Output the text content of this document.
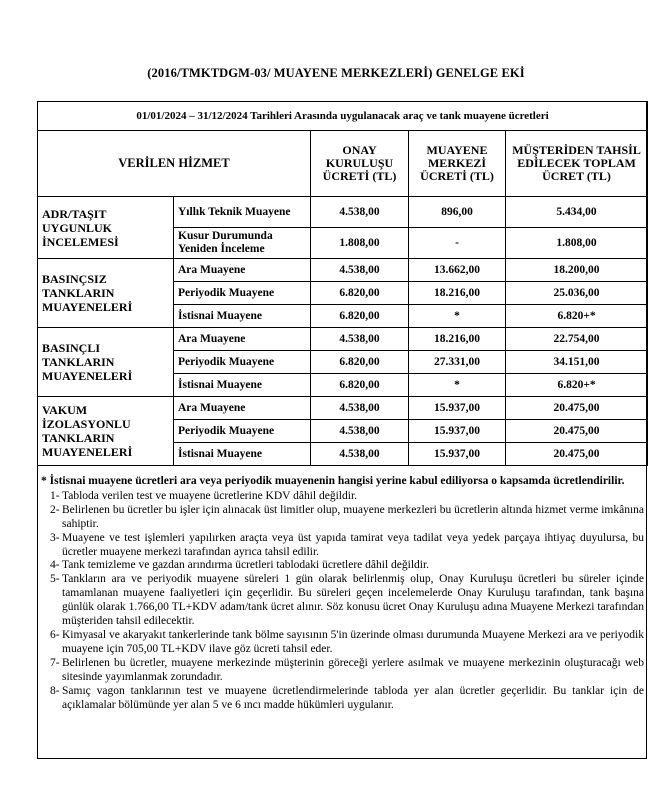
(2016/TMKTDGM-03/ MUAYENE MERKEZLERİ) GENELGE EKİ
01/01/2024 – 31/12/2024 Tarihleri Arasında uygulanacak araç ve tank muayene ücretleri				
VERİLEN HİZMET		ONAY KURULUŞU ÜCRETİ (TL)	MUAYENE MERKEZİ ÜCRETİ (TL)	MÜŞTERİDEN TAHSİL EDİLECEK TOPLAM ÜCRET (TL)
ADR/TAŞIT UYGUNLUK İNCELEMESİ	Yıllık Teknik Muayene	4.538,00	896,00	5.434,00
	Kusur Durumunda Yeniden İnceleme	1.808,00	-	1.808,00
BASINÇSIZ TANKLARIN MUAYENELERİ	Ara Muayene	4.538,00	13.662,00	18.200,00
	Periyodik Muayene	6.820,00	18.216,00	25.036,00
	İstisnai Muayene	6.820,00	*	6.820+*
BASINÇLI TANKLARIN MUAYENELERİ	Ara Muayene	4.538,00	18.216,00	22.754,00
	Periyodik Muayene	6.820,00	27.331,00	34.151,00
	İstisnai Muayene	6.820,00	*	6.820+*
VAKUM İZOLASYONLU TANKLARIN MUAYENELERİ	Ara Muayene	4.538,00	15.937,00	20.475,00
	Periyodik Muayene	4.538,00	15.937,00	20.475,00
	İstisnai Muayene	4.538,00	15.937,00	20.475,00
* İstisnai muayene ücretleri ara veya periyodik muayenenin hangisi yerine kabul ediliyorsa o kapsamda ücretlendirilir.
1- Tabloda verilen test ve muayene ücretlerine KDV dâhil değildir.
2- Belirlenen bu ücretler bu işler için alınacak üst limitler olup, muayene merkezleri bu ücretlerin altında hizmet verme imkânına sahiptir.
3- Muayene ve test işlemleri yapılırken araçta veya üst yapıda tamirat veya tadilat veya yedek parçaya ihtiyaç duyulursa, bu ücretler muayene merkezi tarafından ayrıca tahsil edilir.
4- Tank temizleme ve gazdan arındırma ücretleri tablodaki ücretlere dâhil değildir.
5- Tankların ara ve periyodik muayene süreleri 1 gün olarak belirlenmiş olup, Onay Kuruluşu ücretleri bu süreler içinde tamamlanan muayene faaliyetleri için geçerlidir. Bu süreleri geçen incelemelerde Onay Kuruluşu tarafından, tank başına günlük olarak 1.766,00 TL+KDV adam/tank ücret alınır. Söz konusu ücret Onay Kuruluşu adına Muayene Merkezi tarafından müşteriden tahsil edilecektir.
6- Kimyasal ve akaryakıt tankerlerinde tank bölme sayısının 5'in üzerinde olması durumunda Muayene Merkezi ara ve periyodik muayene için 705,00 TL+KDV ilave göz ücreti tahsil eder.
7- Belirlenen bu ücretler, muayene merkezinde müşterinin göreceği yerlere asılmak ve muayene merkezinin oluşturacağı web sitesinde yayımlanmak zorundadır.
8- Samıç vagon tanklarının test ve muayene ücretlendirmelerinde tabloda yer alan ücretler geçerlidir. Bu tanklar için de açıklamalar bölümünde yer alan 5 ve 6 ıncı madde hükümleri uygulanır.
